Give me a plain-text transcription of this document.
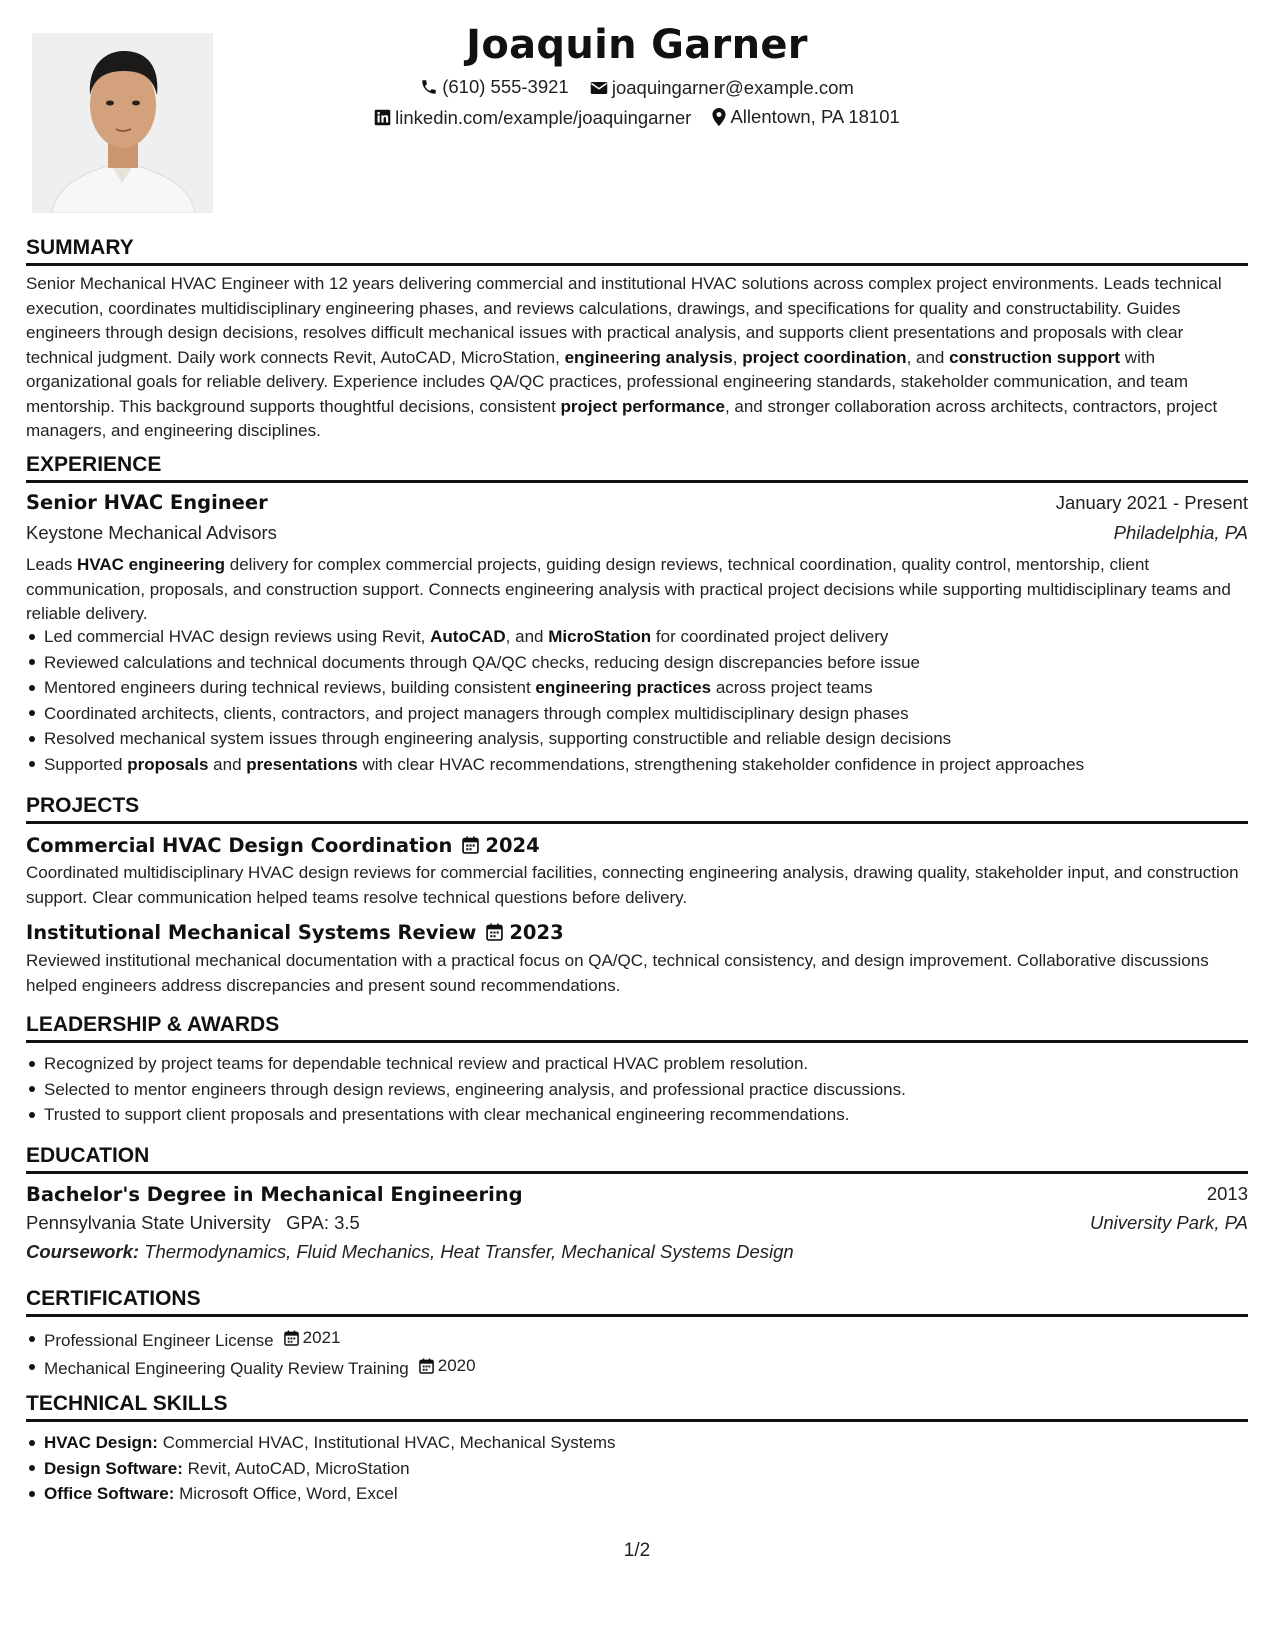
Joaquin Garner
(610) 555-3921
joaquingarner@example.com
linkedin.com/example/joaquingarner
Allentown, PA 18101
SUMMARY
Senior Mechanical HVAC Engineer with 12 years delivering commercial and institutional HVAC solutions across complex project environments. Leads technical execution, coordinates multidisciplinary engineering phases, and reviews calculations, drawings, and specifications for quality and constructability. Guides engineers through design decisions, resolves difficult mechanical issues with practical analysis, and supports client presentations and proposals with clear technical judgment. Daily work connects Revit, AutoCAD, MicroStation, engineering analysis, project coordination, and construction support with organizational goals for reliable delivery. Experience includes QA/QC practices, professional engineering standards, stakeholder communication, and team mentorship. This background supports thoughtful decisions, consistent project performance, and stronger collaboration across architects, contractors, project managers, and engineering disciplines.
EXPERIENCE
Senior HVAC Engineer	January 2021 - Present
Keystone Mechanical Advisors	Philadelphia, PA
Leads HVAC engineering delivery for complex commercial projects, guiding design reviews, technical coordination, quality control, mentorship, client communication, proposals, and construction support. Connects engineering analysis with practical project decisions while supporting multidisciplinary teams and reliable delivery.
Led commercial HVAC design reviews using Revit, AutoCAD, and MicroStation for coordinated project delivery
Reviewed calculations and technical documents through QA/QC checks, reducing design discrepancies before issue
Mentored engineers during technical reviews, building consistent engineering practices across project teams
Coordinated architects, clients, contractors, and project managers through complex multidisciplinary design phases
Resolved mechanical system issues through engineering analysis, supporting constructible and reliable design decisions
Supported proposals and presentations with clear HVAC recommendations, strengthening stakeholder confidence in project approaches
PROJECTS
Commercial HVAC Design Coordination 2024
Coordinated multidisciplinary HVAC design reviews for commercial facilities, connecting engineering analysis, drawing quality, stakeholder input, and construction support. Clear communication helped teams resolve technical questions before delivery.
Institutional Mechanical Systems Review 2023
Reviewed institutional mechanical documentation with a practical focus on QA/QC, technical consistency, and design improvement. Collaborative discussions helped engineers address discrepancies and present sound recommendations.
LEADERSHIP & AWARDS
Recognized by project teams for dependable technical review and practical HVAC problem resolution.
Selected to mentor engineers through design reviews, engineering analysis, and professional practice discussions.
Trusted to support client proposals and presentations with clear mechanical engineering recommendations.
EDUCATION
Bachelor's Degree in Mechanical Engineering	2013
Pennsylvania State University GPA: 3.5	University Park, PA
Coursework: Thermodynamics, Fluid Mechanics, Heat Transfer, Mechanical Systems Design
CERTIFICATIONS
Professional Engineer License 2021
Mechanical Engineering Quality Review Training 2020
TECHNICAL SKILLS
HVAC Design: Commercial HVAC, Institutional HVAC, Mechanical Systems
Design Software: Revit, AutoCAD, MicroStation
Office Software: Microsoft Office, Word, Excel
1/2
